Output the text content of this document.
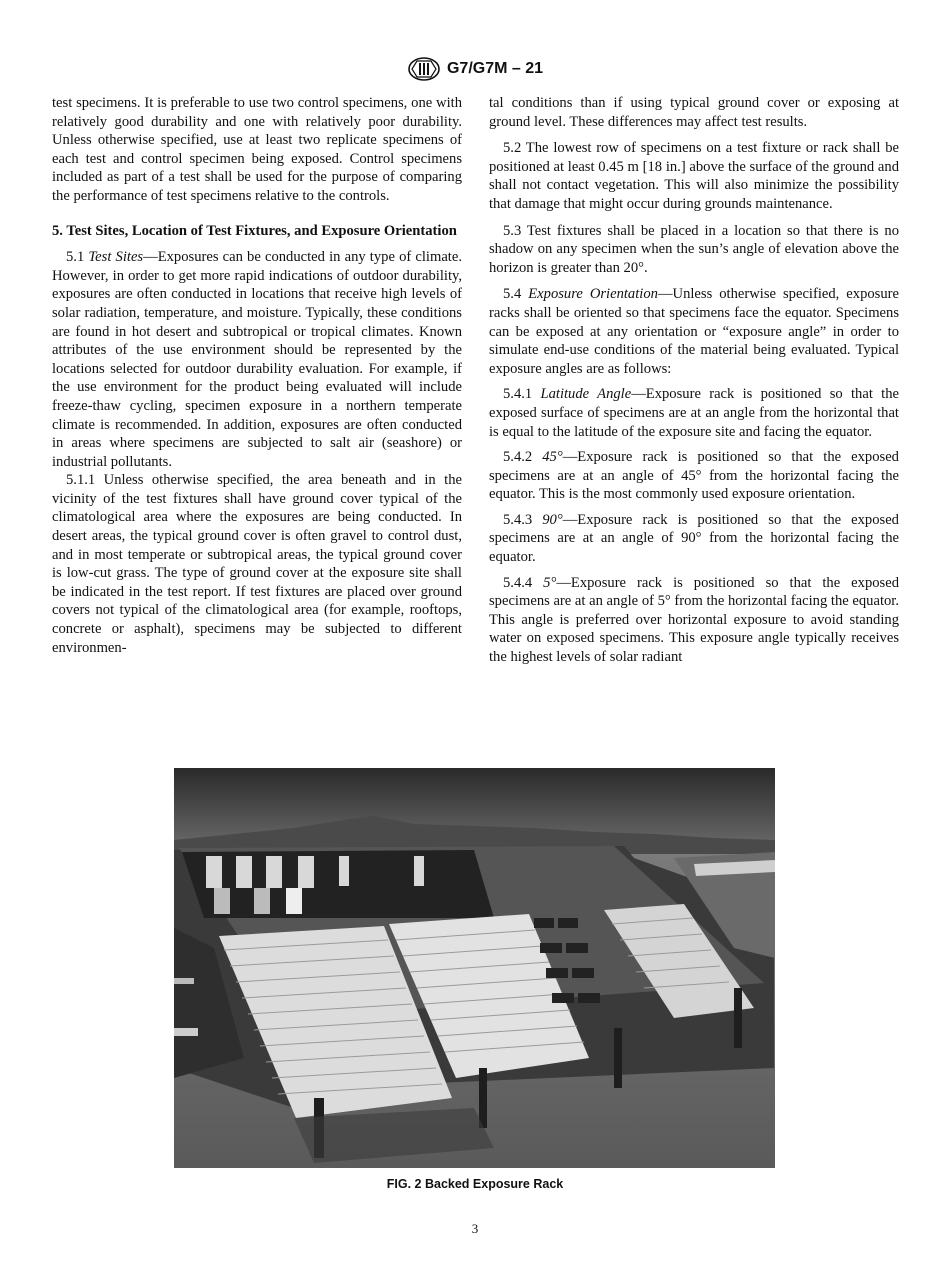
G7/G7M – 21

test specimens. It is preferable to use two control specimens, one with relatively good durability and one with relatively poor durability. Unless otherwise specified, use at least two replicate specimens of each test and control specimen being exposed. Control specimens included as part of a test shall be used for the purpose of comparing the performance of test specimens relative to the controls.

5. Test Sites, Location of Test Fixtures, and Exposure Orientation

5.1 Test Sites—Exposures can be conducted in any type of climate. However, in order to get more rapid indications of outdoor durability, exposures are often conducted in locations that receive high levels of solar radiation, temperature, and moisture. Typically, these conditions are found in hot desert and subtropical or tropical climates. Known attributes of the use environment should be represented by the locations selected for outdoor durability evaluation. For example, if the use environment for the product being evaluated will include freeze-thaw cycling, specimen exposure in a northern temperate climate is recommended. In addition, exposures are often conducted in areas where specimens are subjected to salt air (seashore) or industrial pollutants.

5.1.1 Unless otherwise specified, the area beneath and in the vicinity of the test fixtures shall have ground cover typical of the climatological area where the exposures are being conducted. In desert areas, the typical ground cover is often gravel to control dust, and in most temperate or subtropical areas, the typical ground cover is low-cut grass. The type of ground cover at the exposure site shall be indicated in the test report. If test fixtures are placed over ground covers not typical of the climatological area (for example, rooftops, concrete or asphalt), specimens may be subjected to different environmen-

tal conditions than if using typical ground cover or exposing at ground level. These differences may affect test results.

5.2 The lowest row of specimens on a test fixture or rack shall be positioned at least 0.45 m [18 in.] above the surface of the ground and shall not contact vegetation. This will also minimize the possibility that damage that might occur during grounds maintenance.

5.3 Test fixtures shall be placed in a location so that there is no shadow on any specimen when the sun’s angle of elevation above the horizon is greater than 20°.

5.4 Exposure Orientation—Unless otherwise specified, exposure racks shall be oriented so that specimens face the equator. Specimens can be exposed at any orientation or “exposure angle” in order to simulate end-use conditions of the material being evaluated. Typical exposure angles are as follows:

5.4.1 Latitude Angle—Exposure rack is positioned so that the exposed surface of specimens are at an angle from the horizontal that is equal to the latitude of the exposure site and facing the equator.

5.4.2 45°—Exposure rack is positioned so that the exposed specimens are at an angle of 45° from the horizontal facing the equator. This is the most commonly used exposure orientation.

5.4.3 90°—Exposure rack is positioned so that the exposed specimens are at an angle of 90° from the horizontal facing the equator.

5.4.4 5°—Exposure rack is positioned so that the exposed specimens are at an angle of 5° from the horizontal facing the equator. This angle is preferred over horizontal exposure to avoid standing water on exposed specimens. This exposure angle typically receives the highest levels of solar radiant

FIG. 2 Backed Exposure Rack
3
